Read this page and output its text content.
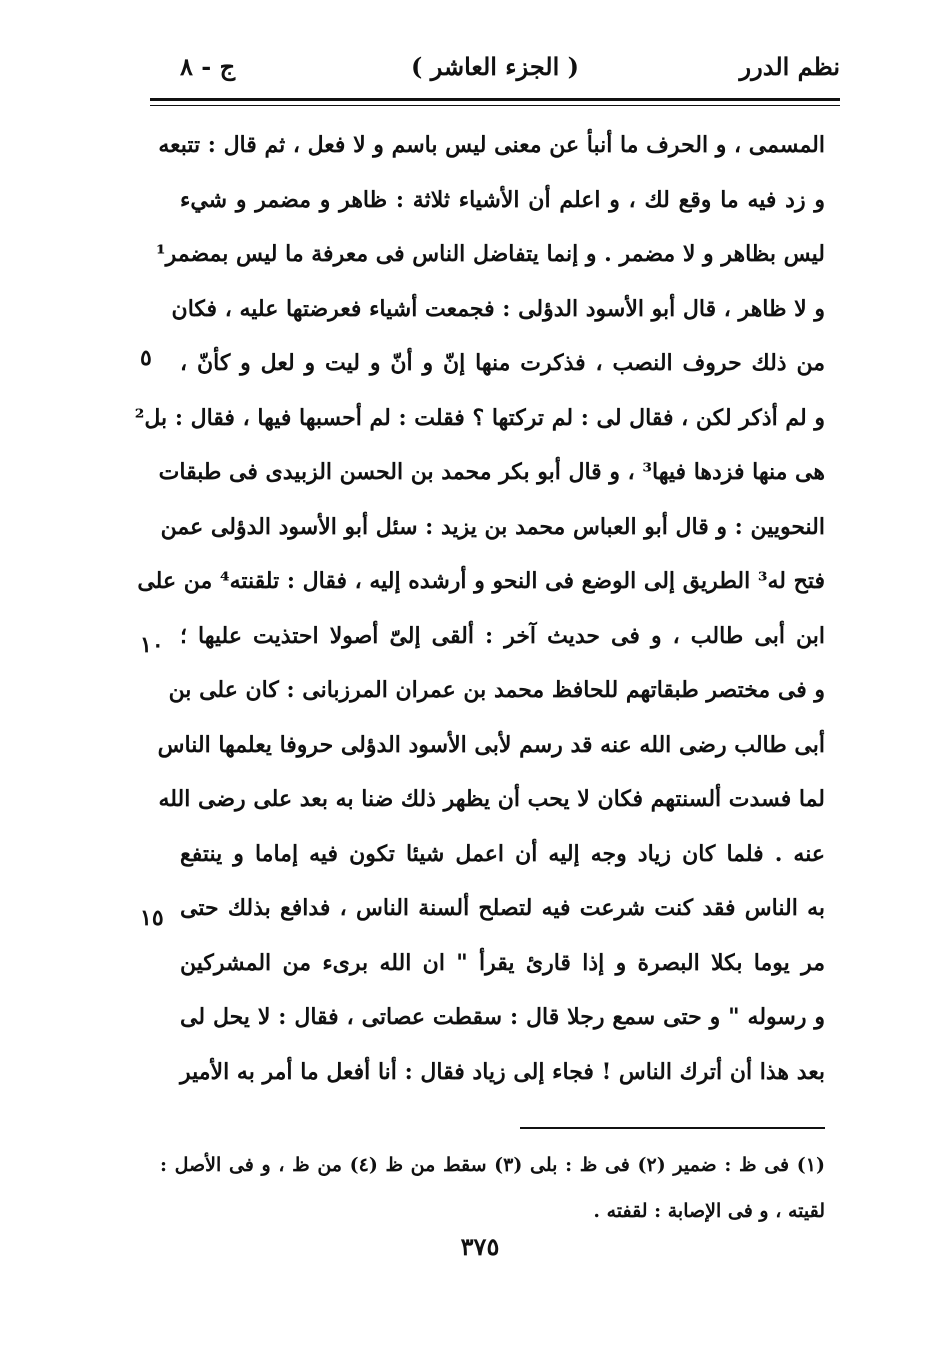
نظم الدرر
( الجزء العاشر )
ج - ٨
المسمى ، و الحرف ما أنبأ عن معنى ليس باسم و لا فعل ، ثم قال : تتبعه
و زد فيه ما وقع لك ، و اعلم أن الأشياء ثلاثة : ظاهر و مضمر و شيء
ليس بظاهر و لا مضمر . و إنما يتفاضل الناس فى معرفة ما ليس بمضمر¹
و لا ظاهر ، قال أبو الأسود الدؤلى : فجمعت أشياء فعرضتها عليه ، فكان
من ذلك حروف النصب ، فذكرت منها إنّ و أنّ و ليت و لعل و كأنّ ،
و لم أذكر لكن ، فقال لى : لم تركتها ؟ فقلت : لم أحسبها فيها ، فقال : بل²
هى منها فزدها فيها³ ، و قال أبو بكر محمد بن الحسن الزبيدى فى طبقات
النحويين : و قال أبو العباس محمد بن يزيد : سئل أبو الأسود الدؤلى عمن
فتح له³ الطريق إلى الوضع فى النحو و أرشده إليه ، فقال : تلقنته⁴ من على
ابن أبى طالب ، و فى حديث آخر : ألقى إلىّ أصولا احتذيت عليها ؛
و فى مختصر طبقاتهم للحافظ محمد بن عمران المرزبانى : كان على بن
أبى طالب رضى الله عنه قد رسم لأبى الأسود الدؤلى حروفا يعلمها الناس
لما فسدت ألسنتهم فكان لا يحب أن يظهر ذلك ضنا به بعد على رضى الله
عنه . فلما كان زياد وجه إليه أن اعمل شيئا تكون فيه إماما و ينتفع
به الناس فقد كنت شرعت فيه لتصلح ألسنة الناس ، فدافع بذلك حتى
مر يوما بكلا البصرة و إذا قارئ يقرأ " ان الله برىء من المشركين
و رسوله " و حتى سمع رجلا قال : سقطت عصاتى ، فقال : لا يحل لى
بعد هذا أن أترك الناس ! فجاء إلى زياد فقال : أنا أفعل ما أمر به الأمير
٥
١٠
١٥
(١) فى ظ : ضمير (٢) فى ظ : بلى (٣) سقط من ظ (٤) من ظ ، و فى الأصل :
لقيته ، و فى الإصابة : لقفته .
٣٧٥
